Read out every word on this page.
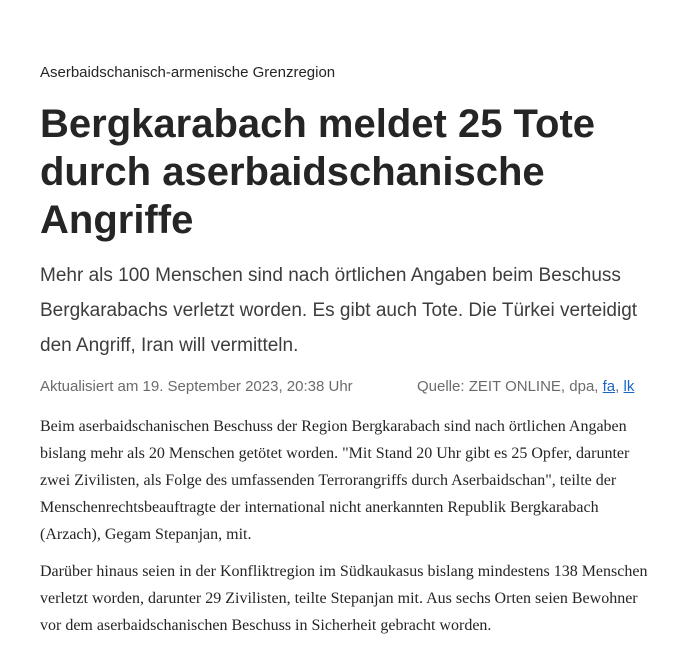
Aserbaidschanisch-armenische Grenzregion
Bergkarabach meldet 25 Tote durch aserbaidschanische Angriffe

Mehr als 100 Menschen sind nach örtlichen Angaben beim Beschuss Bergkarabachs verletzt worden. Es gibt auch Tote. Die Türkei verteidigt den Angriff, Iran will vermitteln.

Aktualisiert am 19. September 2023, 20:38 Uhr	Quelle: ZEIT ONLINE, dpa, fa, lk

Beim aserbaidschanischen Beschuss der Region Bergkarabach sind nach örtlichen Angaben bislang mehr als 20 Menschen getötet worden. "Mit Stand 20 Uhr gibt es 25 Opfer, darunter zwei Zivilisten, als Folge des umfassenden Terrorangriffs durch Aserbaidschan", teilte der Menschenrechtsbeauftragte der international nicht anerkannten Republik Bergkarabach (Arzach), Gegam Stepanjan, mit.

Darüber hinaus seien in der Konfliktregion im Südkaukasus bislang mindestens 138 Menschen verletzt worden, darunter 29 Zivilisten, teilte Stepanjan mit. Aus sechs Orten seien Bewohner vor dem aserbaidschanischen Beschuss in Sicherheit gebracht worden.
